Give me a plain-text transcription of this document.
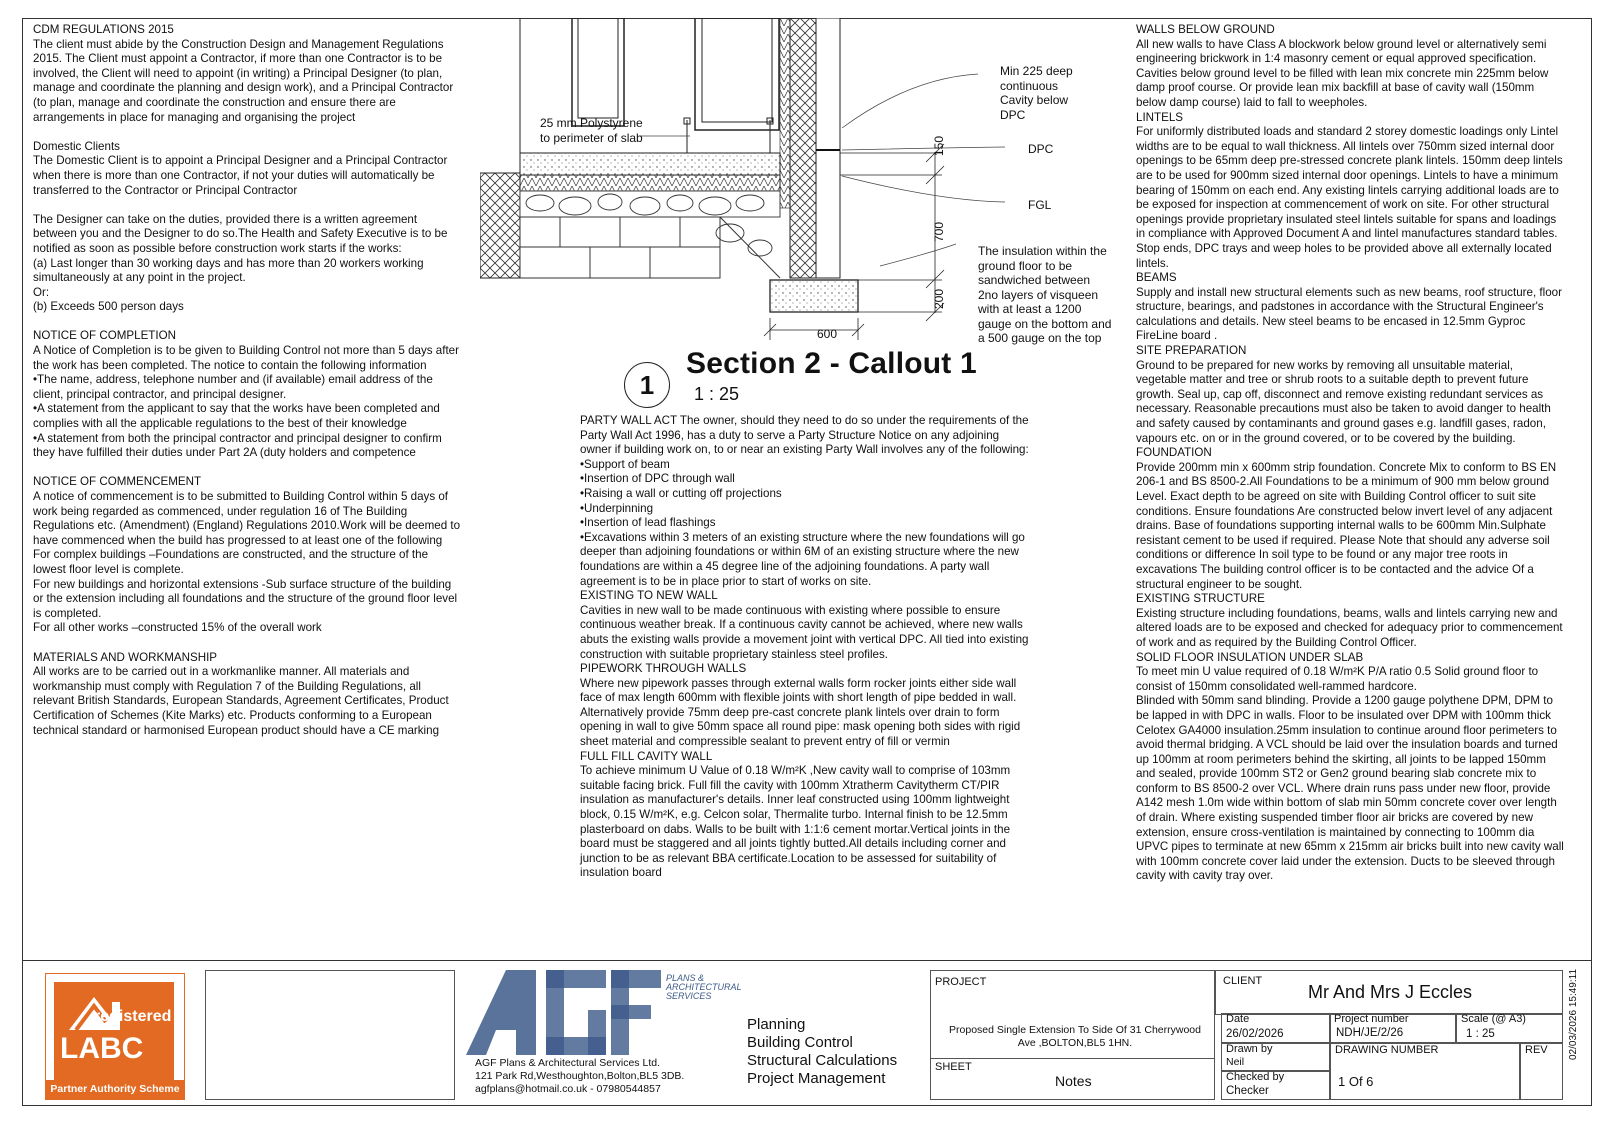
CDM REGULATIONS 2015
The client must abide by the Construction Design and Management Regulations 2015. The Client must appoint a Contractor, if more than one Contractor is to be involved, the Client will need to appoint (in writing) a Principal Designer (to plan, manage and coordinate the planning and design work), and a Principal Contractor (to plan, manage and coordinate the construction and ensure there are arrangements in place for managing and organising the project
Domestic Clients
The Domestic Client is to appoint a Principal Designer and a Principal Contractor when there is more than one Contractor, if not your duties will automatically be transferred to the Contractor or Principal Contractor
The Designer can take on the duties, provided there is a written agreement between you and the Designer to do so.The Health and Safety Executive is to be notified as soon as possible before construction work starts if the works:
(a) Last longer than 30 working days and has more than 20 workers working simultaneously at any point in the project.
Or:
(b) Exceeds 500 person days
NOTICE OF COMPLETION
A Notice of Completion is to be given to Building Control not more than 5 days after the work has been completed. The notice to contain the following information
•The name, address, telephone number and (if available) email address of the client, principal contractor, and principal designer.
•A statement from the applicant to say that the works have been completed and complies with all the applicable regulations to the best of their knowledge
•A statement from both the principal contractor and principal designer to confirm they have fulfilled their duties under Part 2A (duty holders and competence
NOTICE OF COMMENCEMENT
A notice of commencement is to be submitted to Building Control within 5 days of work being regarded as commenced, under regulation 16 of The Building Regulations etc. (Amendment) (England) Regulations 2010.Work will be deemed to have commenced when the build has progressed to at least one of the following
For complex buildings –Foundations are constructed, and the structure of the lowest floor level is complete.
For new buildings and horizontal extensions -Sub surface structure of the building or the extension including all foundations and the structure of the ground floor level is completed.
For all other works –constructed 15% of the overall work
MATERIALS AND WORKMANSHIP
All works are to be carried out in a workmanlike manner. All materials and workmanship must comply with Regulation 7 of the Building Regulations, all relevant British Standards, European Standards, Agreement Certificates, Product Certification of Schemes (Kite Marks) etc. Products conforming to a European technical standard or harmonised European product should have a CE marking
PARTY WALL ACT The owner, should they need to do so under the requirements of the Party Wall Act 1996, has a duty to serve a Party Structure Notice on any adjoining owner if building work on, to or near an existing Party Wall involves any of the following:
•Support of beam
•Insertion of DPC through wall
•Raising a wall or cutting off projections
•Underpinning
•Insertion of lead flashings
•Excavations within 3 meters of an existing structure where the new foundations will go deeper than adjoining foundations or within 6M of an existing structure where the new foundations are within a 45 degree line of the adjoining foundations. A party wall agreement is to be in place prior to start of works on site.
EXISTING TO NEW WALL
Cavities in new wall to be made continuous with existing where possible to ensure continuous weather break. If a continuous cavity cannot be achieved, where new walls abuts the existing walls provide a movement joint with vertical DPC. All tied into existing construction with suitable proprietary stainless steel profiles.
PIPEWORK THROUGH WALLS
Where new pipework passes through external walls form rocker joints either side wall face of max length 600mm with flexible joints with short length of pipe bedded in wall. Alternatively provide 75mm deep pre-cast concrete plank lintels over drain to form opening in wall to give 50mm space all round pipe: mask opening both sides with rigid sheet material and compressible sealant to prevent entry of fill or vermin
FULL FILL CAVITY WALL
To achieve minimum U Value of 0.18 W/m²K ,New cavity wall to comprise of 103mm suitable facing brick. Full fill the cavity with 100mm Xtratherm Cavitytherm CT/PIR insulation as manufacturer's details. Inner leaf constructed using 100mm lightweight block, 0.15 W/m²K, e.g. Celcon solar, Thermalite turbo. Internal finish to be 12.5mm plasterboard on dabs. Walls to be built with 1:1:6 cement mortar.Vertical joints in the board must be staggered and all joints tightly butted.All details including corner and junction to be as relevant BBA certificate.Location to be assessed for suitability of insulation board
WALLS BELOW GROUND
All new walls to have Class A blockwork below ground level or alternatively semi engineering brickwork in 1:4 masonry cement or equal approved specification. Cavities below ground level to be filled with lean mix concrete min 225mm below damp proof course. Or provide lean mix backfill at base of cavity wall (150mm below damp course) laid to fall to weepholes.
LINTELS
For uniformly distributed loads and standard 2 storey domestic loadings only Lintel widths are to be equal to wall thickness. All lintels over 750mm sized internal door openings to be 65mm deep pre-stressed concrete plank lintels. 150mm deep lintels are to be used for 900mm sized internal door openings. Lintels to have a minimum bearing of 150mm on each end. Any existing lintels carrying additional loads are to be exposed for inspection at commencement of work on site. For other structural openings provide proprietary insulated steel lintels suitable for spans and loadings in compliance with Approved Document A and lintel manufactures standard tables. Stop ends, DPC trays and weep holes to be provided above all externally located lintels.
BEAMS
Supply and install new structural elements such as new beams, roof structure, floor structure, bearings, and padstones in accordance with the Structural Engineer's calculations and details. New steel beams to be encased in 12.5mm Gyproc FireLine board .
SITE PREPARATION
Ground to be prepared for new works by removing all unsuitable material, vegetable matter and tree or shrub roots to a suitable depth to prevent future growth. Seal up, cap off, disconnect and remove existing redundant services as necessary. Reasonable precautions must also be taken to avoid danger to health and safety caused by contaminants and ground gases e.g. landfill gases, radon, vapours etc. on or in the ground covered, or to be covered by the building.
FOUNDATION
Provide 200mm min x 600mm strip foundation. Concrete Mix to conform to BS EN 206-1 and BS 8500-2.All Foundations to be a minimum of 900 mm below ground Level. Exact depth to be agreed on site with Building Control officer to suit site conditions. Ensure foundations Are constructed below invert level of any adjacent drains. Base of foundations supporting internal walls to be 600mm Min.Sulphate resistant cement to be used if required. Please Note that should any adverse soil conditions or difference In soil type to be found or any major tree roots in excavations The building control officer is to be contacted and the advice Of a structural engineer to be sought.
EXISTING STRUCTURE
Existing structure including foundations, beams, walls and lintels carrying new and altered loads are to be exposed and checked for adequacy prior to commencement of work and as required by the Building Control Officer.
SOLID FLOOR INSULATION UNDER SLAB
To meet min U value required of 0.18 W/m²K P/A ratio 0.5 Solid ground floor to consist of 150mm consolidated well-rammed hardcore.
Blinded with 50mm sand blinding. Provide a 1200 gauge polythene DPM, DPM to be lapped in with DPC in walls. Floor to be insulated over DPM with 100mm thick Celotex GA4000 insulation.25mm insulation to continue around floor perimeters to avoid thermal bridging. A VCL should be laid over the insulation boards and turned up 100mm at room perimeters behind the skirting, all joints to be lapped 150mm and sealed, provide 100mm ST2 or Gen2 ground bearing slab concrete mix to conform to BS 8500-2 over VCL. Where drain runs pass under new floor, provide A142 mesh 1.0m wide within bottom of slab min 50mm concrete cover over length of drain. Where existing suspended timber floor air bricks are covered by new extension, ensure cross-ventilation is maintained by connecting to 100mm dia UPVC pipes to terminate at new 65mm x 215mm air bricks built into new cavity wall with 100mm concrete cover laid under the extension. Ducts to be sleeved through cavity with cavity tray over.
25 mm Polystyrene
to perimeter of slab
Min 225 deep
continuous
Cavity below
DPC
DPC
FGL
The insulation within the
ground floor to be
sandwiched between
2no layers of visqueen
with at least a 1200
gauge on the bottom and
a 500 gauge on the top
150
700
200
600
1
Section 2 - Callout 1
1 : 25
registered
LABC
Partner Authority Scheme
PLANS &
ARCHITECTURAL
SERVICES
AGF Plans & Architectural Services Ltd.
121 Park Rd,Westhoughton,Bolton,BL5 3DB.
agfplans@hotmail.co.uk - 07980544857
Planning
Building Control
Structural Calculations
Project Management
PROJECT
Proposed Single Extension To Side Of 31 Cherrywood Ave ,BOLTON,BL5 1HN.
SHEET
Notes
CLIENT
Mr And Mrs J Eccles
Date
26/02/2026
Project number
NDH/JE/2/26
Scale (@ A3)
1 : 25
Drawn by
Neil
DRAWING NUMBER
1 Of 6
REV
Checked by
Checker
02/03/2026 15:49:11
